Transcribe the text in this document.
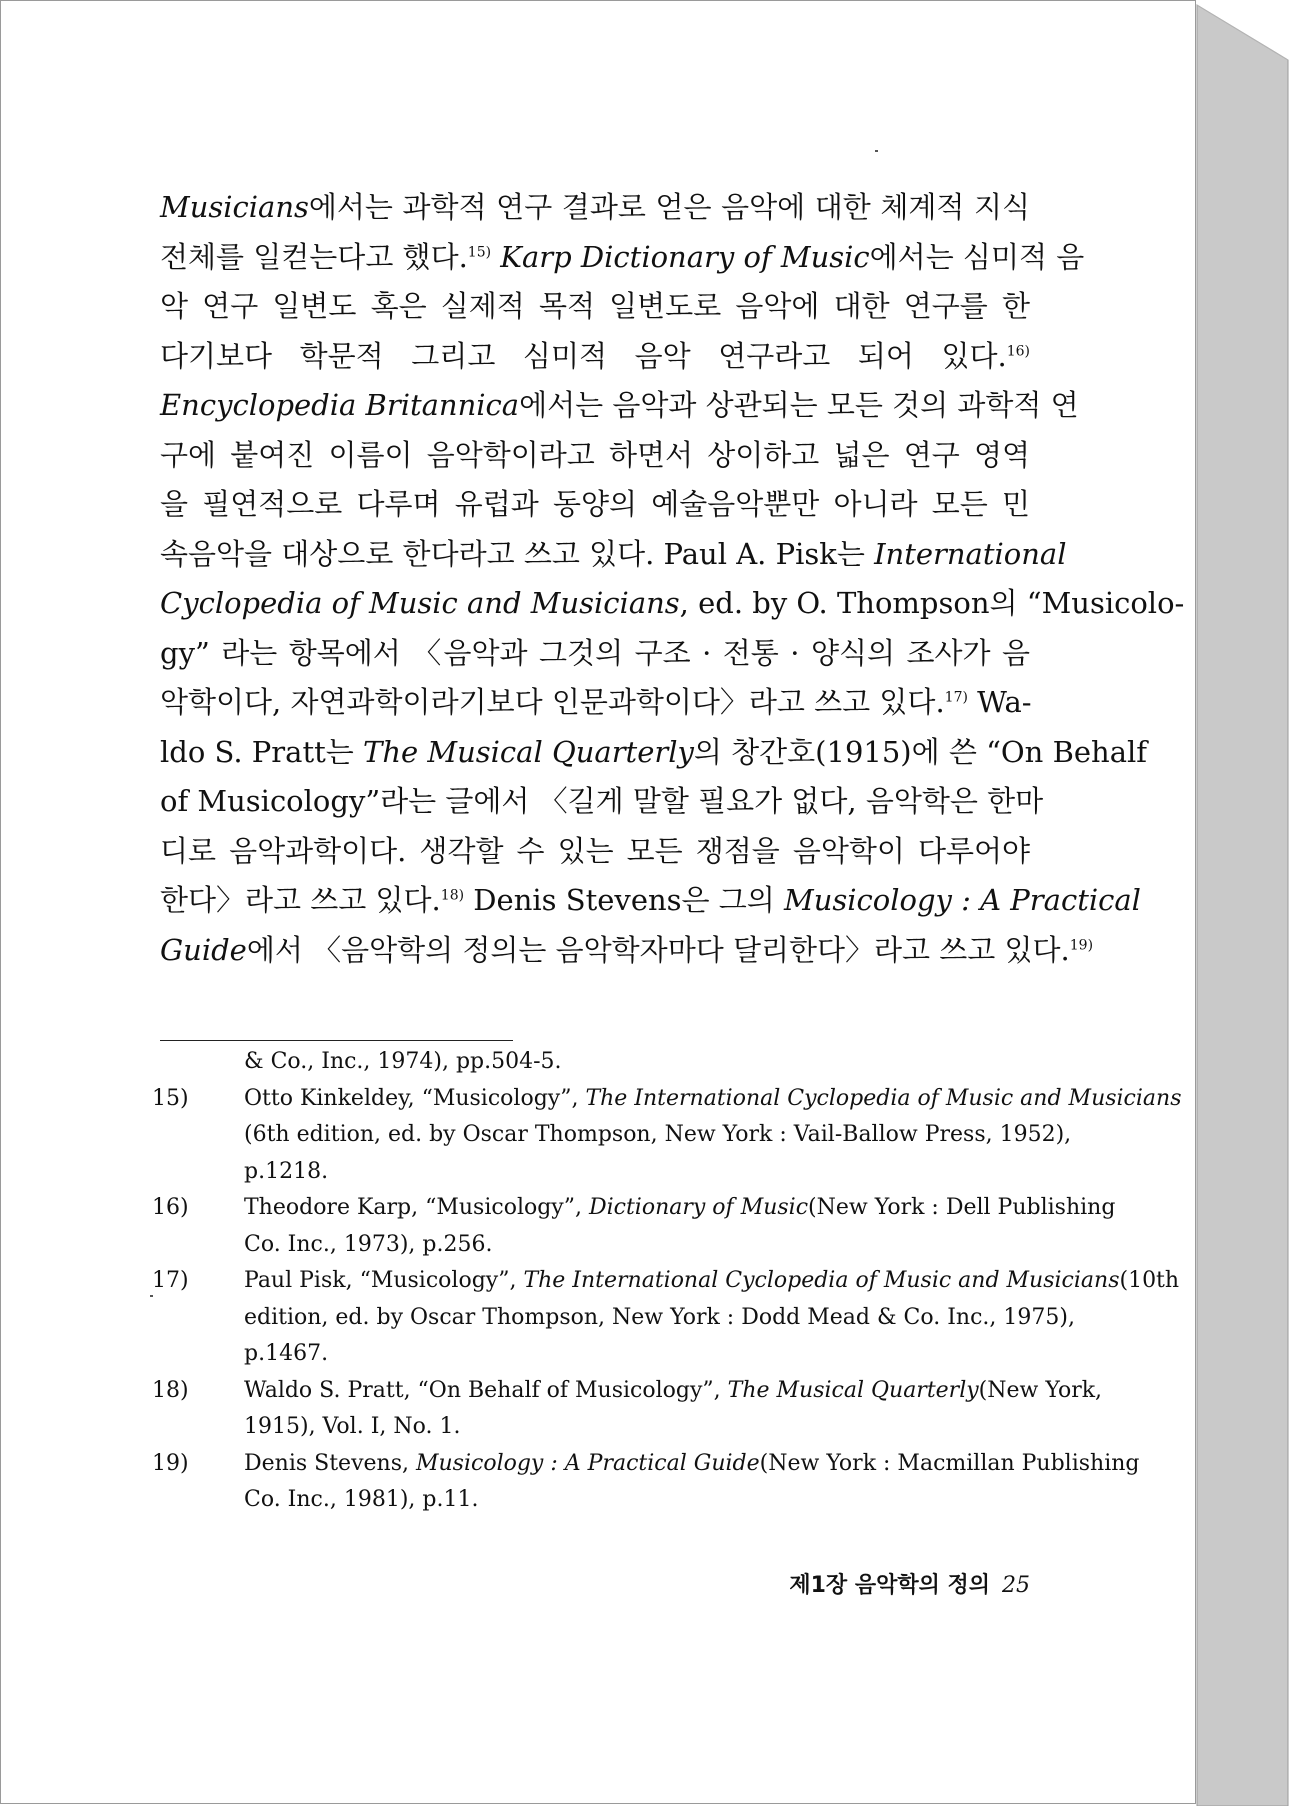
Musicians에서는 과학적 연구 결과로 얻은 음악에 대한 체계적 지식
전체를 일컫는다고 했다.$^{15)}$ Karp Dictionary of Music에서는 심미적 음
악 연구 일변도 혹은 실제적 목적 일변도로 음악에 대한 연구를 한
다기보다 학문적 그리고 심미적 음악 연구라고 되어 있다.$^{16)}$
Encyclopedia Britannica에서는 음악과 상관되는 모든 것의 과학적 연
구에 붙여진 이름이 음악학이라고 하면서 상이하고 넓은 연구 영역
을 필연적으로 다루며 유럽과 동양의 예술음악뿐만 아니라 모든 민
속음악을 대상으로 한다라고 쓰고 있다. Paul A. Pisk는 International
Cyclopedia of Music and Musicians, ed. by O. Thompson의 “Musicolo-
gy” 라는 항목에서 〈음악과 그것의 구조 · 전통 · 양식의 조사가 음
악학이다, 자연과학이라기보다 인문과학이다〉라고 쓰고 있다.$^{17)}$ Wa-
ldo S. Pratt는 The Musical Quarterly의 창간호(1915)에 쓴 “On Behalf
of Musicology”라는 글에서 〈길게 말할 필요가 없다, 음악학은 한마
디로 음악과학이다. 생각할 수 있는 모든 쟁점을 음악학이 다루어야
한다〉라고 쓰고 있다.$^{18)}$ Denis Stevens은 그의 Musicology : A Practical
Guide에서 〈음악학의 정의는 음악학자마다 달리한다〉라고 쓰고 있다.$^{19)}$
& Co., Inc., 1974), pp.504-5.
15)	Otto Kinkeldey, “Musicology”, The International Cyclopedia of Music and Musicians
(6th edition, ed. by Oscar Thompson, New York : Vail-Ballow Press, 1952),
p.1218.
16)	Theodore Karp, “Musicology”, Dictionary of Music(New York : Dell Publishing
Co. Inc., 1973), p.256.
17)	Paul Pisk, “Musicology”, The International Cyclopedia of Music and Musicians(10th
edition, ed. by Oscar Thompson, New York : Dodd Mead & Co. Inc., 1975),
p.1467.
18)	Waldo S. Pratt, “On Behalf of Musicology”, The Musical Quarterly(New York,
1915), Vol. I, No. 1.
19)	Denis Stevens, Musicology : A Practical Guide(New York : Macmillan Publishing
Co. Inc., 1981), p.11.
제1장 음악학의 정의 25
